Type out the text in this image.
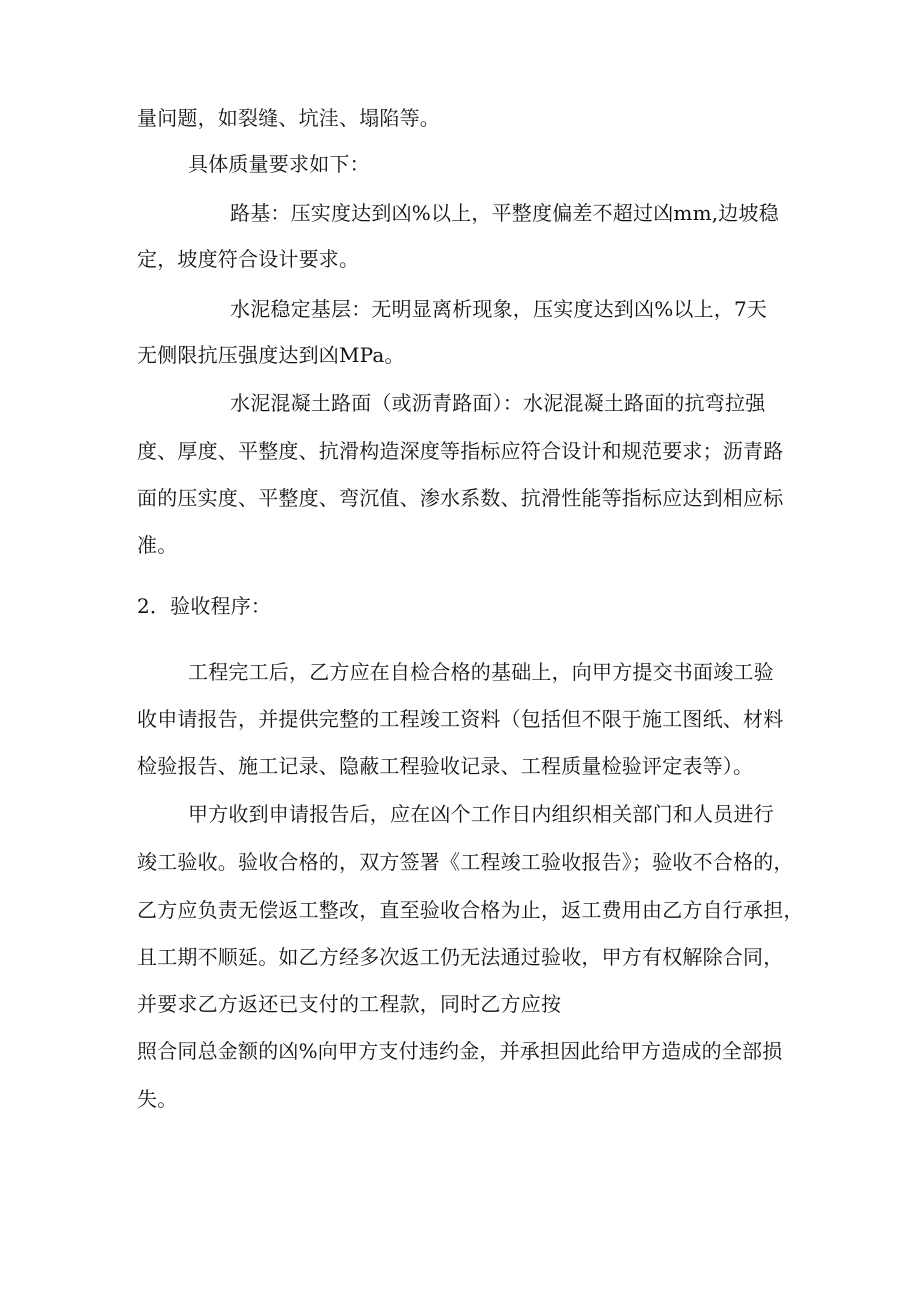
量问题，如裂缝、坑洼、塌陷等。
具体质量要求如下：
路基：压实度达到凶%以上，平整度偏差不超过凶mm,边坡稳
定，坡度符合设计要求。
水泥稳定基层：无明显离析现象，压实度达到凶%以上，7天
无侧限抗压强度达到凶MPa。
水泥混凝土路面（或沥青路面）：水泥混凝土路面的抗弯拉强
度、厚度、平整度、抗滑构造深度等指标应符合设计和规范要求；沥青路
面的压实度、平整度、弯沉值、渗水系数、抗滑性能等指标应达到相应标
准。
2．验收程序：
工程完工后，乙方应在自检合格的基础上，向甲方提交书面竣工验
收申请报告，并提供完整的工程竣工资料（包括但不限于施工图纸、材料
检验报告、施工记录、隐蔽工程验收记录、工程质量检验评定表等）。
甲方收到申请报告后，应在凶个工作日内组织相关部门和人员进行
竣工验收。验收合格的，双方签署《工程竣工验收报告》；验收不合格的，
乙方应负责无偿返工整改，直至验收合格为止，返工费用由乙方自行承担，
且工期不顺延。如乙方经多次返工仍无法通过验收，甲方有权解除合同，
并要求乙方返还已支付的工程款，同时乙方应按
照合同总金额的凶%向甲方支付违约金，并承担因此给甲方造成的全部损
失。
